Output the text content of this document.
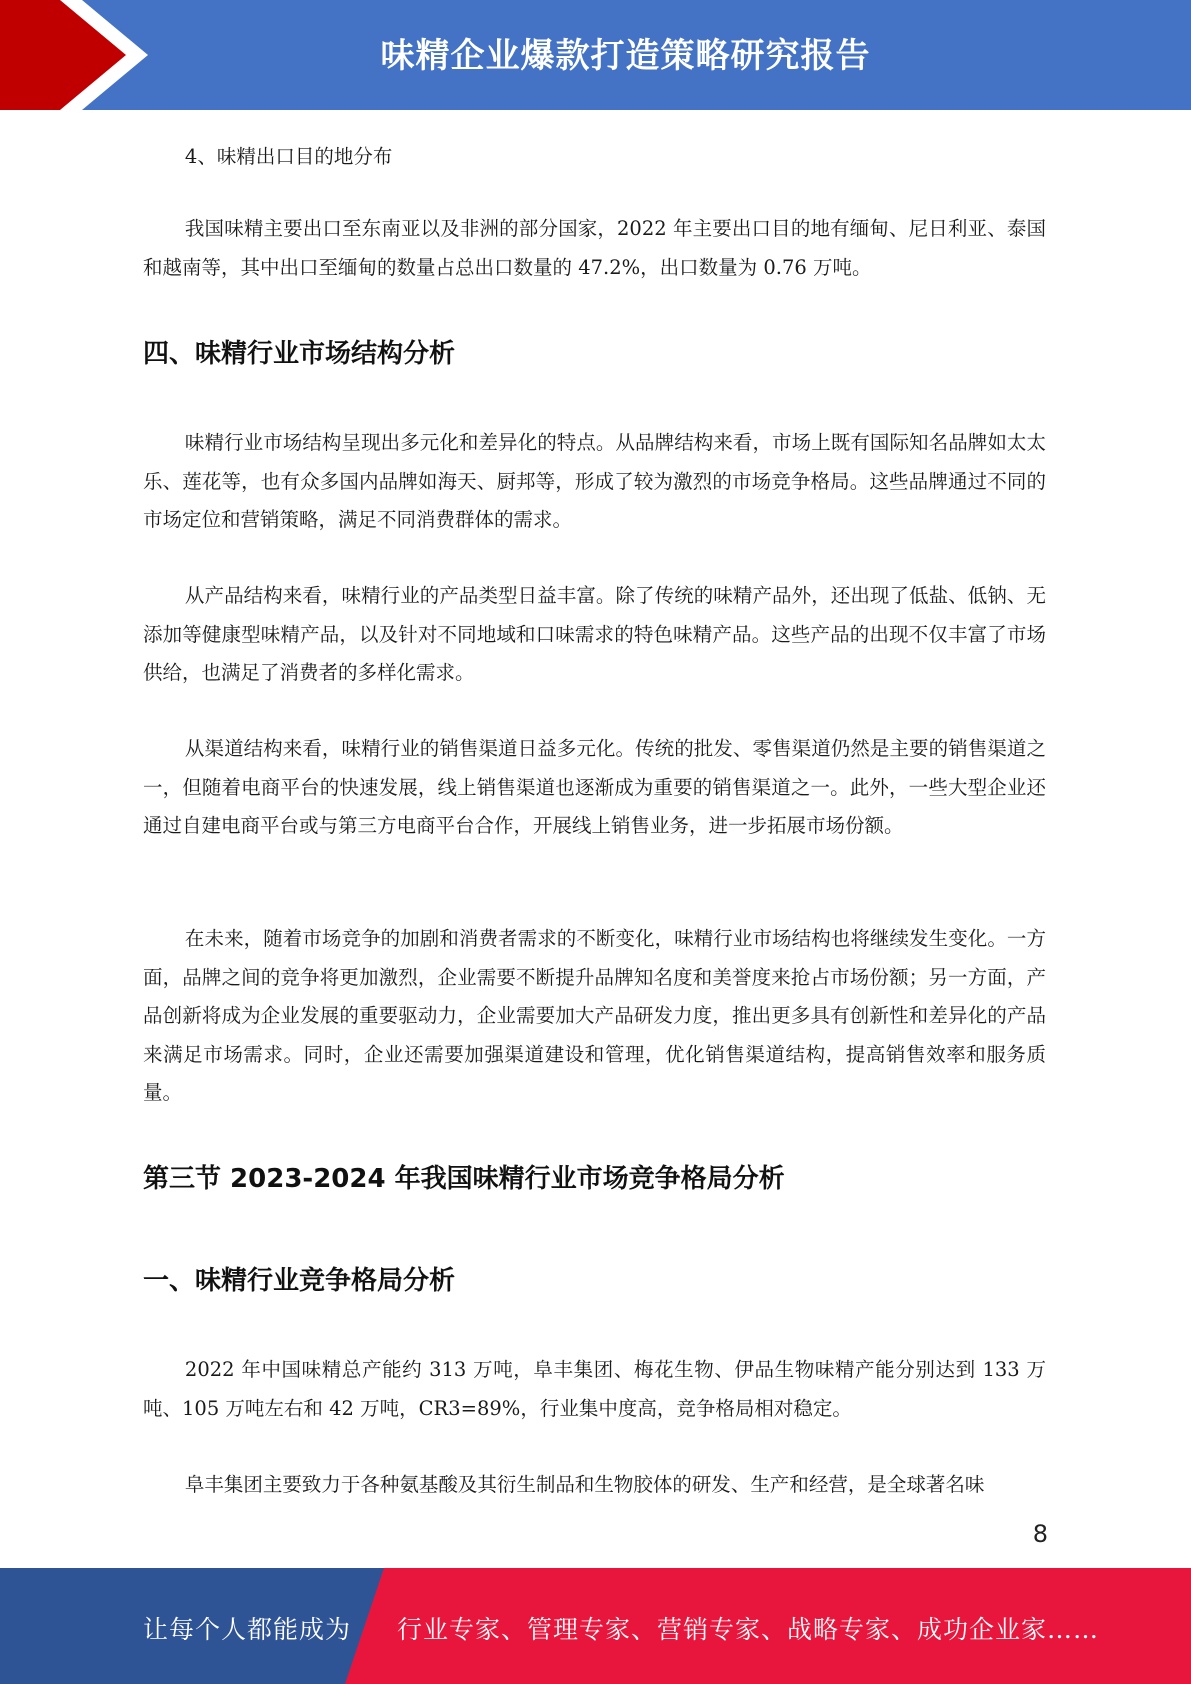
味精企业爆款打造策略研究报告

4、味精出口目的地分布

我国味精主要出口至东南亚以及非洲的部分国家，2022 年主要出口目的地有缅甸、尼日利亚、泰国和越南等，其中出口至缅甸的数量占总出口数量的 47.2%，出口数量为 0.76 万吨。

四、味精行业市场结构分析

味精行业市场结构呈现出多元化和差异化的特点。从品牌结构来看，市场上既有国际知名品牌如太太乐、莲花等，也有众多国内品牌如海天、厨邦等，形成了较为激烈的市场竞争格局。这些品牌通过不同的市场定位和营销策略，满足不同消费群体的需求。

从产品结构来看，味精行业的产品类型日益丰富。除了传统的味精产品外，还出现了低盐、低钠、无添加等健康型味精产品，以及针对不同地域和口味需求的特色味精产品。这些产品的出现不仅丰富了市场供给，也满足了消费者的多样化需求。

从渠道结构来看，味精行业的销售渠道日益多元化。传统的批发、零售渠道仍然是主要的销售渠道之一，但随着电商平台的快速发展，线上销售渠道也逐渐成为重要的销售渠道之一。此外，一些大型企业还通过自建电商平台或与第三方电商平台合作，开展线上销售业务，进一步拓展市场份额。

在未来，随着市场竞争的加剧和消费者需求的不断变化，味精行业市场结构也将继续发生变化。一方面，品牌之间的竞争将更加激烈，企业需要不断提升品牌知名度和美誉度来抢占市场份额；另一方面，产品创新将成为企业发展的重要驱动力，企业需要加大产品研发力度，推出更多具有创新性和差异化的产品来满足市场需求。同时，企业还需要加强渠道建设和管理，优化销售渠道结构，提高销售效率和服务质量。

第三节 2023-2024 年我国味精行业市场竞争格局分析
一、味精行业竞争格局分析

2022 年中国味精总产能约 313 万吨，阜丰集团、梅花生物、伊品生物味精产能分别达到 133 万吨、105 万吨左右和 42 万吨，CR3=89%，行业集中度高，竞争格局相对稳定。

阜丰集团主要致力于各种氨基酸及其衍生制品和生物胶体的研发、生产和经营，是全球著名味

8
让每个人都能成为 行业专家、管理专家、营销专家、战略专家、成功企业家……
